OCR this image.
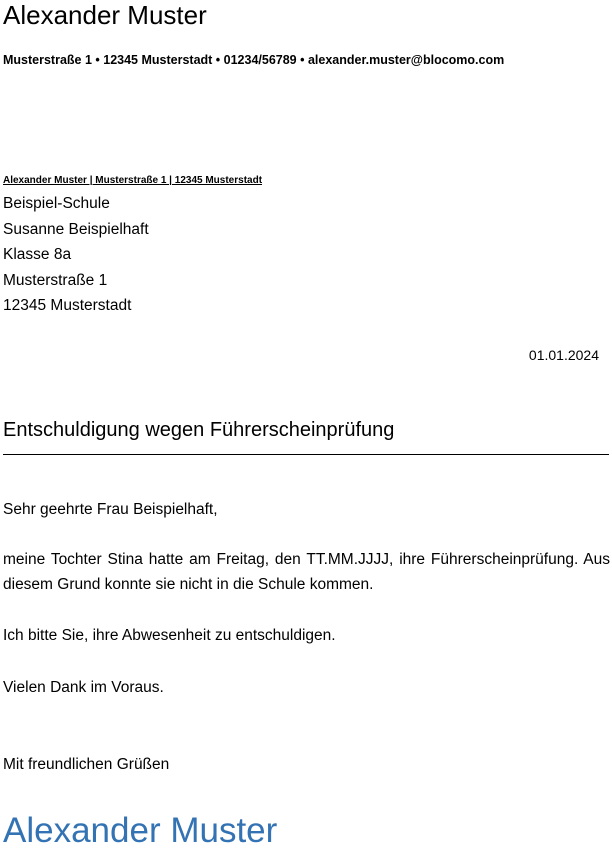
Alexander Muster
Musterstraße 1 • 12345 Musterstadt • 01234/56789 • alexander.muster@blocomo.com
Alexander Muster | Musterstraße 1 | 12345 Musterstadt
Beispiel-Schule
Susanne Beispielhaft
Klasse 8a
Musterstraße 1
12345 Musterstadt
01.01.2024
Entschuldigung wegen Führerscheinprüfung
Sehr geehrte Frau Beispielhaft,
meine Tochter Stina hatte am Freitag, den TT.MM.JJJJ, ihre Führerscheinprüfung. Aus diesem Grund konnte sie nicht in die Schule kommen.
Ich bitte Sie, ihre Abwesenheit zu entschuldigen.
Vielen Dank im Voraus.
Mit freundlichen Grüßen
Alexander Muster
